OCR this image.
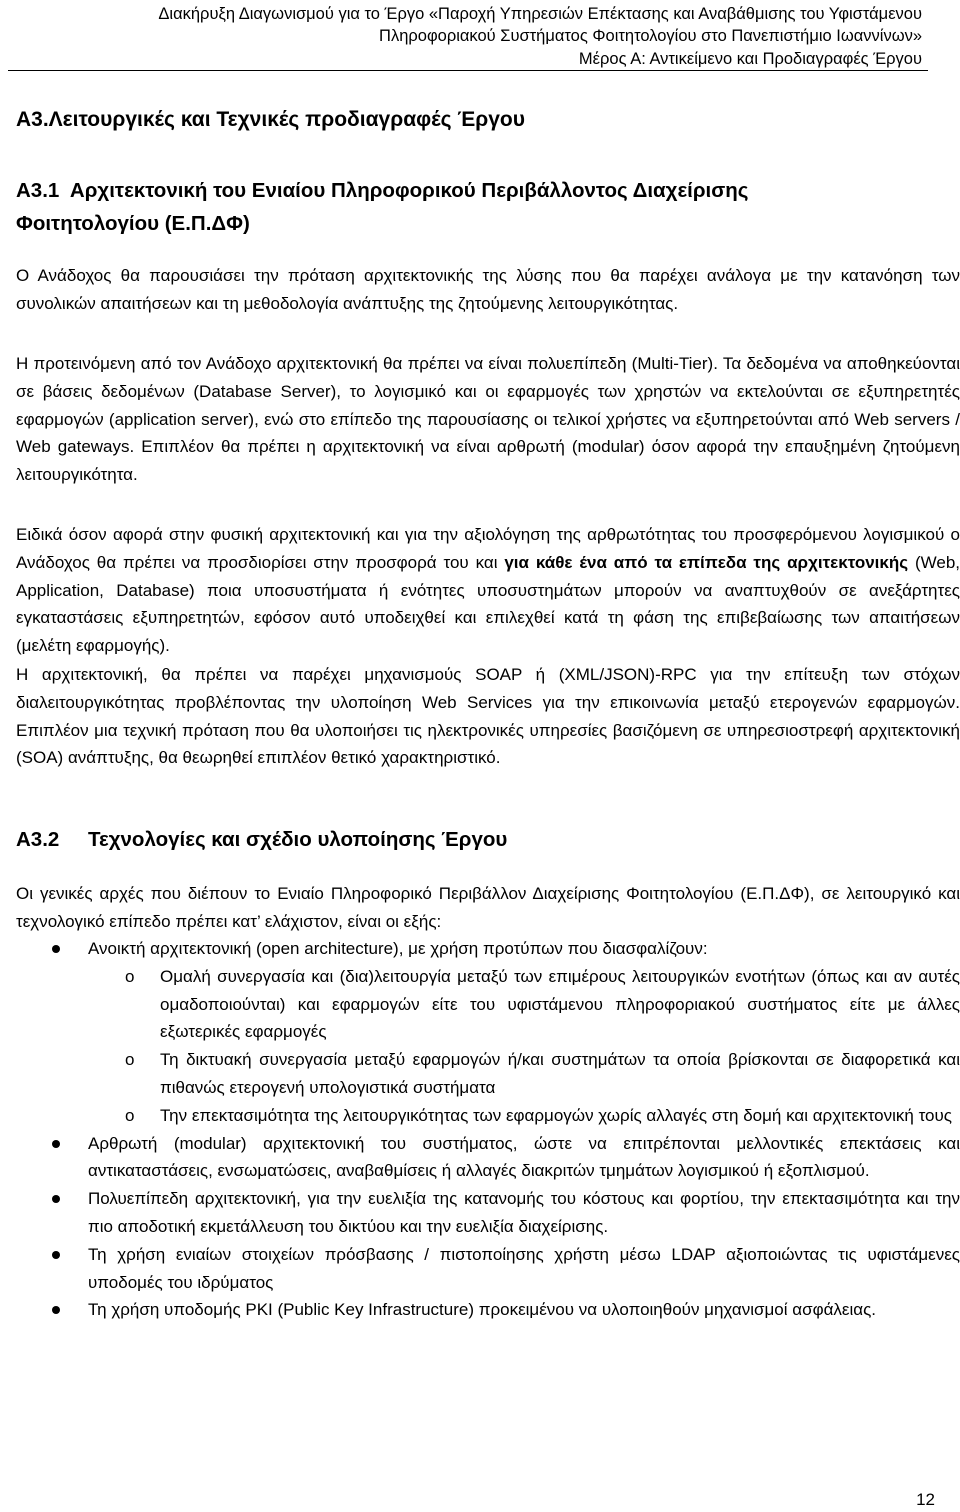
Διακήρυξη Διαγωνισμού για το Έργο «Παροχή Υπηρεσιών Επέκτασης και Αναβάθμισης του Υφιστάμενου
Πληροφοριακού Συστήματος Φοιτητολογίου στο Πανεπιστήμιο Ιωαννίνων»
Μέρος Α: Αντικείμενο και Προδιαγραφές Έργου
Α3.Λειτουργικές και Τεχνικές προδιαγραφές Έργου
Α3.1  Αρχιτεκτονική του Ενιαίου Πληροφορικού Περιβάλλοντος Διαχείρισης
Φοιτητολογίου (Ε.Π.ΔΦ)

Ο Ανάδοχος θα παρουσιάσει την πρόταση αρχιτεκτονικής της λύσης που θα παρέχει ανάλογα με την κατανόηση των συνολικών απαιτήσεων και τη μεθοδολογία ανάπτυξης της ζητούμενης λειτουργικότητας.

Η προτεινόμενη από τον Ανάδοχο αρχιτεκτονική θα πρέπει να είναι πολυεπίπεδη (Multi-Tier). Τα δεδομένα να αποθηκεύονται σε βάσεις δεδομένων (Database Server), το λογισμικό και οι εφαρμογές των χρηστών να εκτελούνται σε εξυπηρετητές εφαρμογών (application server), ενώ στο επίπεδο της παρουσίασης οι τελικοί χρήστες να εξυπηρετούνται από Web servers / Web gateways. Επιπλέον θα πρέπει η αρχιτεκτονική να είναι αρθρωτή (modular) όσον αφορά την επαυξημένη ζητούμενη λειτουργικότητα.

Ειδικά όσον αφορά στην φυσική αρχιτεκτονική και για την αξιολόγηση της αρθρωτότητας του προσφερόμενου λογισμικού ο Ανάδοχος θα πρέπει να προσδιορίσει στην προσφορά του και για κάθε ένα από τα επίπεδα της αρχιτεκτονικής (Web, Application, Database) ποια υποσυστήματα ή ενότητες υποσυστημάτων μπορούν να αναπτυχθούν σε ανεξάρτητες εγκαταστάσεις εξυπηρετητών, εφόσον αυτό υποδειχθεί και επιλεχθεί κατά τη φάση της επιβεβαίωσης των απαιτήσεων (μελέτη εφαρμογής).

Η αρχιτεκτονική, θα πρέπει να παρέχει μηχανισμούς SOAP ή (XML/JSON)-RPC για την επίτευξη των στόχων διαλειτουργικότητας προβλέποντας την υλοποίηση Web Services για την επικοινωνία μεταξύ ετερογενών εφαρμογών. Επιπλέον μια τεχνική πρόταση που θα υλοποιήσει τις ηλεκτρονικές υπηρεσίες βασιζόμενη σε υπηρεσιοστρεφή αρχιτεκτονική (SOA) ανάπτυξης, θα θεωρηθεί επιπλέον θετικό χαρακτηριστικό.

Α3.2 Τεχνολογίες και σχέδιο υλοποίησης Έργου

Οι γενικές αρχές που διέπουν το Ενιαίο Πληροφορικό Περιβάλλον Διαχείρισης Φοιτητολογίου (Ε.Π.ΔΦ), σε λειτουργικό και τεχνολογικό επίπεδο πρέπει κατ’ ελάχιστον, είναι οι εξής:

Ανοικτή αρχιτεκτονική (open architecture), με χρήση προτύπων που διασφαλίζουν:
o Ομαλή συνεργασία και (δια)λειτουργία μεταξύ των επιμέρους λειτουργικών ενοτήτων (όπως και αν αυτές ομαδοποιούνται) και εφαρμογών είτε του υφιστάμενου πληροφοριακού συστήματος είτε με άλλες εξωτερικές εφαρμογές
o Τη δικτυακή συνεργασία μεταξύ εφαρμογών ή/και συστημάτων τα οποία βρίσκονται σε διαφορετικά και πιθανώς ετερογενή υπολογιστικά συστήματα
o Την επεκτασιμότητα της λειτουργικότητας των εφαρμογών χωρίς αλλαγές στη δομή και αρχιτεκτονική τους
Αρθρωτή (modular) αρχιτεκτονική του συστήματος, ώστε να επιτρέπονται μελλοντικές επεκτάσεις και αντικαταστάσεις, ενσωματώσεις, αναβαθμίσεις ή αλλαγές διακριτών τμημάτων λογισμικού ή εξοπλισμού.
Πολυεπίπεδη αρχιτεκτονική, για την ευελιξία της κατανομής του κόστους και φορτίου, την επεκτασιμότητα και την πιο αποδοτική εκμετάλλευση του δικτύου και την ευελιξία διαχείρισης.
Τη χρήση ενιαίων στοιχείων πρόσβασης / πιστοποίησης χρήστη μέσω LDAP αξιοποιώντας τις υφιστάμενες υποδομές του ιδρύματος
Τη χρήση υποδομής PKI (Public Key Infrastructure) προκειμένου να υλοποιηθούν μηχανισμοί ασφάλειας.
12
